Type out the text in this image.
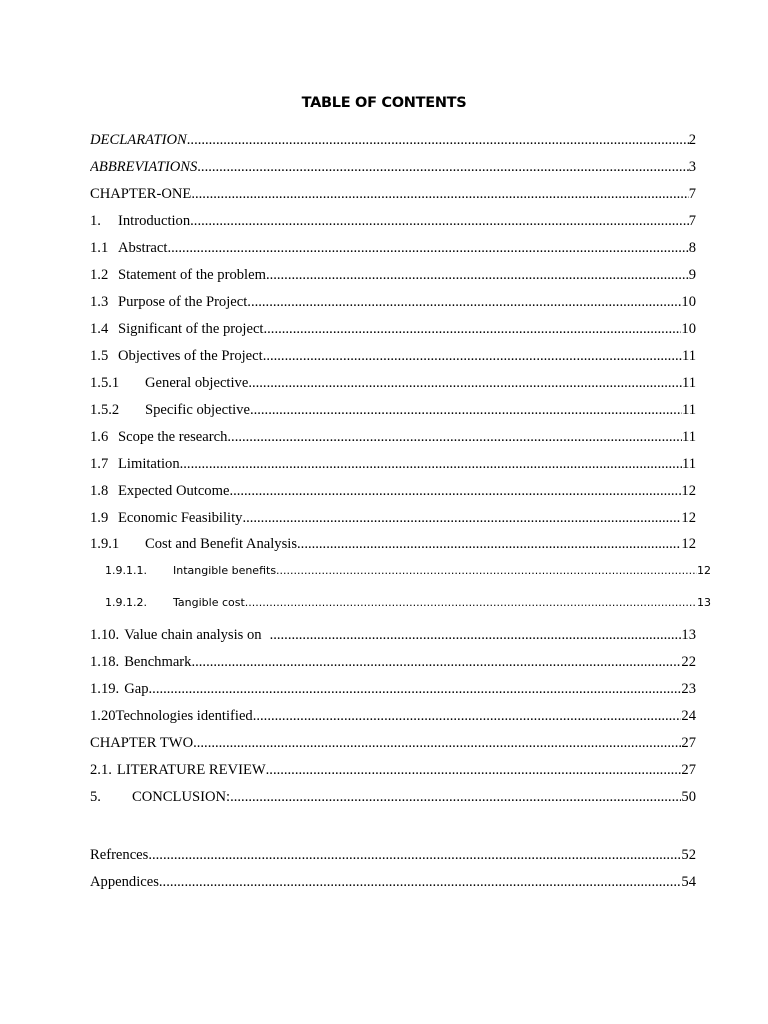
TABLE OF CONTENTS
DECLARATION .....	2
ABBREVIATIONS .....	3
CHAPTER-ONE .....	7
1.	Introduction .....	7
1.1 Abstract .....	8
1.2 Statement of the problem .....	9
1.3 Purpose of the Project .....	10
1.4 Significant of the project .....	10
1.5 Objectives of the Project .....	11
1.5.1	General objective .....	11
1.5.2	Specific objective .....	11
1.6 Scope the research .....	11
1.7 Limitation .....	11
1.8 Expected Outcome .....	12
1.9 Economic Feasibility .....	12
1.9.1	Cost and Benefit Analysis .....	12
1.9.1.1.	Intangible benefits .....	12
1.9.1.2.	Tangible cost .....	13
1.10. Value chain analysis on .....	13
1.18. Benchmark .....	22
1.19. Gap .....	23
1.20 Technologies identified .....	24
CHAPTER TWO .....	27
2.1. LITERATURE REVIEW .....	27
5.	CONCLUSION: .....	50
Refrences .....	52
Appendices .....	54
